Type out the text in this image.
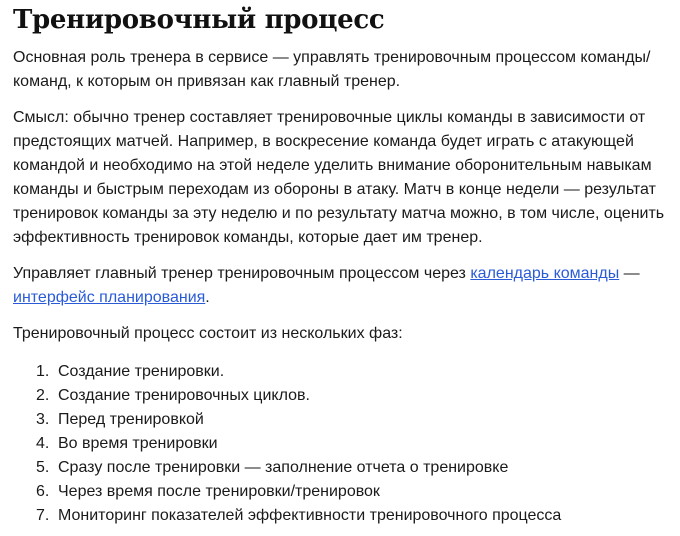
Тренировочный процесс

Основная роль тренера в сервисе — управлять тренировочным процессом команды/команд, к которым он привязан как главный тренер.

Смысл: обычно тренер составляет тренировочные циклы команды в зависимости от предстоящих матчей. Например, в воскресение команда будет играть с атакующей командой и необходимо на этой неделе уделить внимание оборонительным навыкам команды и быстрым переходам из обороны в атаку. Матч в конце недели — результат тренировок команды за эту неделю и по результату матча можно, в том числе, оценить эффективность тренировок команды, которые дает им тренер.

Управляет главный тренер тренировочным процессом через календарь команды — интерфейс планирования.

Тренировочный процесс состоит из нескольких фаз:

1. Создание тренировки.
2. Создание тренировочных циклов.
3. Перед тренировкой
4. Во время тренировки
5. Сразу после тренировки — заполнение отчета о тренировке
6. Через время после тренировки/тренировок
7. Мониторинг показателей эффективности тренировочного процесса
